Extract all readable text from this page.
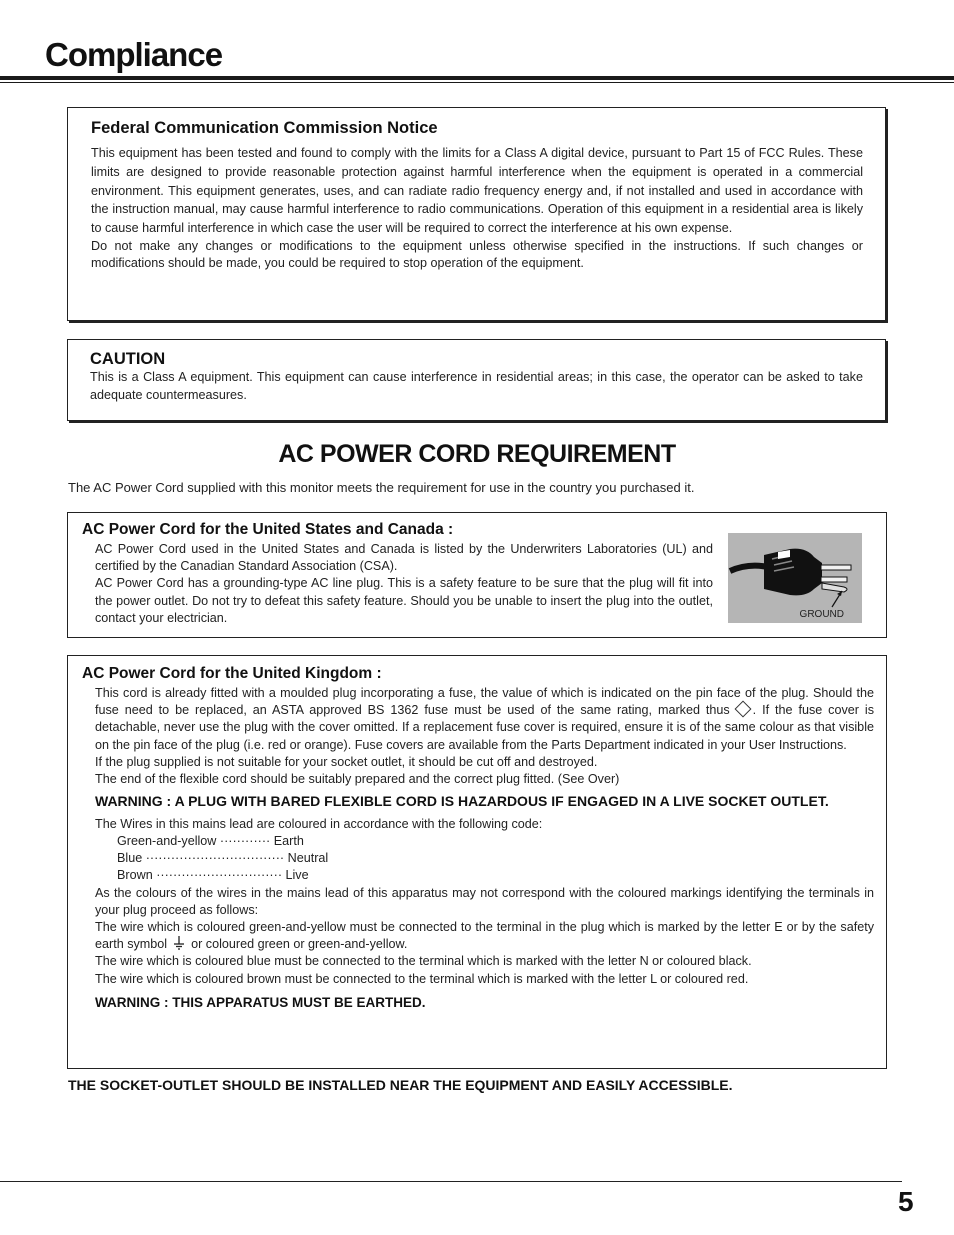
Compliance
Federal Communication Commission Notice

This equipment has been tested and found to comply with the limits for a Class A digital device, pursuant to Part 15 of FCC Rules. These limits are designed to provide reasonable protection against harmful interference when the equipment is operated in a commercial environment. This equipment generates, uses, and can radiate radio frequency energy and, if not installed and used in accordance with the instruction manual, may cause harmful interference to radio communications. Operation of this equipment in a residential area is likely to cause harmful interference in which case the user will be required to correct the interference at his own expense.

Do not make any changes or modifications to the equipment unless otherwise specified in the instructions. If such changes or modifications should be made, you could be required to stop operation of the equipment.

CAUTION
This is a Class A equipment. This equipment can cause interference in residential areas; in this case, the operator can be asked to take adequate countermeasures.
AC POWER CORD REQUIREMENT
The AC Power Cord supplied with this monitor meets the requirement for use in the country you purchased it.
AC Power Cord for the United States and Canada :

AC Power Cord used in the United States and Canada is listed by the Underwriters Laboratories (UL) and certified by the Canadian Standard Association (CSA).

AC Power Cord has a grounding-type AC line plug. This is a safety feature to be sure that the plug will fit into the power outlet. Do not try to defeat this safety feature. Should you be unable to insert the plug into the outlet, contact your electrician.	GROUND
AC Power Cord for the United Kingdom :

This cord is already fitted with a moulded plug incorporating a fuse, the value of which is indicated on the pin face of the plug. Should the fuse need to be replaced, an ASTA approved BS 1362 fuse must be used of the same rating, marked thus . If the fuse cover is detachable, never use the plug with the cover omitted. If a replacement fuse cover is required, ensure it is of the same colour as that visible on the pin face of the plug (i.e. red or orange). Fuse covers are available from the Parts Department indicated in your User Instructions.

If the plug supplied is not suitable for your socket outlet, it should be cut off and destroyed.

The end of the flexible cord should be suitably prepared and the correct plug fitted. (See Over)

WARNING : A PLUG WITH BARED FLEXIBLE CORD IS HAZARDOUS IF ENGAGED IN A LIVE SOCKET OUTLET.

The Wires in this mains lead are coloured in accordance with the following code:

Green-and-yellow ············ Earth

Blue ································· Neutral

Brown ······························ Live

As the colours of the wires in the mains lead of this apparatus may not correspond with the coloured markings identifying the terminals in your plug proceed as follows:

The wire which is coloured green-and-yellow must be connected to the terminal in the plug which is marked by the letter E or by the safety earth symbol or coloured green or green-and-yellow.

The wire which is coloured blue must be connected to the terminal which is marked with the letter N or coloured black.

The wire which is coloured brown must be connected to the terminal which is marked with the letter L or coloured red.

WARNING : THIS APPARATUS MUST BE EARTHED.
THE SOCKET-OUTLET SHOULD BE INSTALLED NEAR THE EQUIPMENT AND EASILY ACCESSIBLE.
5
